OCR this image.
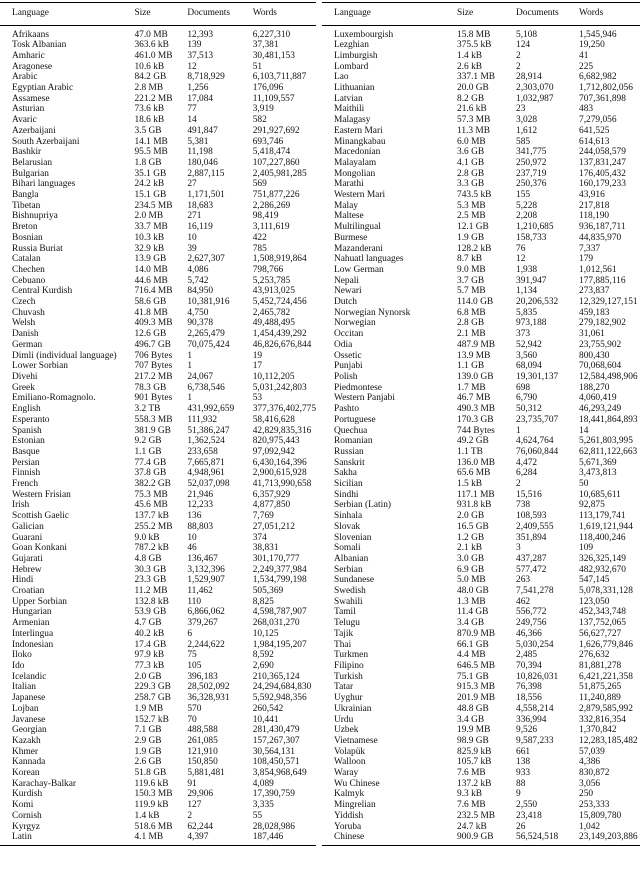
Language	Size	Documents	Words
Afrikaans	47.0 MB	12,393	6,227,310
Tosk Albanian	363.6 kB	139	37,381
Amharic	461.0 MB	37,513	30,481,153
Aragonese	10.6 kB	12	51
Arabic	84.2 GB	8,718,929	6,103,711,887
Egyptian Arabic	2.8 MB	1,256	176,096
Assamese	221.2 MB	17,084	11,109,557
Asturian	73.6 kB	77	3,919
Avaric	18.6 kB	14	582
Azerbaijani	3.5 GB	491,847	291,927,692
South Azerbaijani	14.1 MB	5,381	693,746
Bashkir	95.5 MB	11,198	5,418,474
Belarusian	1.8 GB	180,046	107,227,860
Bulgarian	35.1 GB	2,887,115	2,405,981,285
Bihari languages	24.2 kB	27	569
Bangla	15.1 GB	1,171,501	751,877,226
Tibetan	234.5 MB	18,683	2,286,269
Bishnupriya	2.0 MB	271	98,419
Breton	33.7 MB	16,119	3,111,619
Bosnian	10.3 kB	10	422
Russia Buriat	32.9 kB	39	785
Catalan	13.9 GB	2,627,307	1,508,919,864
Chechen	14.0 MB	4,086	798,766
Cebuano	44.6 MB	5,742	5,253,785
Central Kurdish	716.4 MB	84,950	43,913,025
Czech	58.6 GB	10,381,916	5,452,724,456
Chuvash	41.8 MB	4,750	2,465,782
Welsh	409.3 MB	90,378	49,488,495
Danish	12.6 GB	2,265,479	1,454,439,292
German	496.7 GB	70,075,424	46,826,676,844
Dimli (individual language)	706 Bytes	1	19
Lower Sorbian	707 Bytes	1	17
Divehi	217.2 MB	24,067	10,112,205
Greek	78.3 GB	6,738,546	5,031,242,803
Emiliano-Romagnolo.	901 Bytes	1	53
English	3.2 TB	431,992,659	377,376,402,775
Esperanto	558.3 MB	111,932	58,416,628
Spanish	381.9 GB	51,386,247	42,829,835,316
Estonian	9.2 GB	1,362,524	820,975,443
Basque	1.1 GB	233,658	97,092,942
Persian	77.4 GB	7,665,871	6,430,164,396
Finnish	37.8 GB	4,948,961	2,900,615,928
French	382.2 GB	52,037,098	41,713,990,658
Western Frisian	75.3 MB	21,946	6,357,929
Irish	45.6 MB	12,233	4,877,850
Scottish Gaelic	137.7 kB	136	7,769
Galician	255.2 MB	88,803	27,051,212
Guarani	9.0 kB	10	374
Goan Konkani	787.2 kB	46	38,831
Gujarati	4.8 GB	136,467	301,170,777
Hebrew	30.3 GB	3,132,396	2,249,377,984
Hindi	23.3 GB	1,529,907	1,534,799,198
Croatian	11.2 MB	11,462	505,369
Upper Sorbian	132.8 kB	110	8,825
Hungarian	53.9 GB	6,866,062	4,598,787,907
Armenian	4.7 GB	379,267	268,031,270
Interlingua	40.2 kB	6	10,125
Indonesian	17.4 GB	2,244,622	1,984,195,207
Iloko	97.9 kB	75	8,592
Ido	77.3 kB	105	2,690
Icelandic	2.0 GB	396,183	210,365,124
Italian	229.3 GB	28,502,092	24,294,684,830
Japanese	258.7 GB	36,328,931	5,592,948,356
Lojban	1.9 MB	570	260,542
Javanese	152.7 kB	70	10,441
Georgian	7.1 GB	488,588	281,430,479
Kazakh	2.9 GB	261,085	157,267,307
Khmer	1.9 GB	121,910	30,564,131
Kannada	2.6 GB	150,850	108,450,571
Korean	51.8 GB	5,881,481	3,854,968,649
Karachay-Balkar	119.6 kB	91	4,089
Kurdish	150.3 MB	29,906	17,390,759
Komi	119.9 kB	127	3,335
Cornish	1.4 kB	2	55
Kyrgyz	518.6 MB	62,244	28,028,986
Latin	4.1 MB	4,397	187,446
Language	Size	Documents	Words
Luxembourgish	15.8 MB	5,108	1,545,946
Lezghian	375.5 kB	124	19,250
Limburgish	1.4 kB	2	41
Lombard	2.6 kB	2	225
Lao	337.1 MB	28,914	6,682,982
Lithuanian	20.0 GB	2,303,070	1,712,802,056
Latvian	8.2 GB	1,032,987	707,361,898
Maithili	21.6 kB	23	483
Malagasy	57.3 MB	3,028	7,279,056
Eastern Mari	11.3 MB	1,612	641,525
Minangkabau	6.0 MB	585	614,613
Macedonian	3.6 GB	341,775	244,058,579
Malayalam	4.1 GB	250,972	137,831,247
Mongolian	2.8 GB	237,719	176,405,432
Marathi	3.3 GB	250,376	160,179,233
Western Mari	743.5 kB	155	43,916
Malay	5.3 MB	5,228	217,818
Maltese	2.5 MB	2,208	118,190
Multilingual	12.1 GB	1,210,685	936,187,711
Burmese	1.9 GB	158,733	44,835,970
Mazanderani	128.2 kB	76	7,337
Nahuatl languages	8.7 kB	12	179
Low German	9.0 MB	1,938	1,012,561
Nepali	3.7 GB	391,947	177,885,116
Newari	5.7 MB	1,134	273,837
Dutch	114.0 GB	20,206,532	12,329,127,151
Norwegian Nynorsk	6.8 MB	5,835	459,183
Norwegian	2.8 GB	973,188	279,182,902
Occitan	2.1 MB	373	31,061
Odia	487.9 MB	52,942	23,755,902
Ossetic	13.9 MB	3,560	800,430
Punjabi	1.1 GB	68,094	70,068,604
Polish	139.0 GB	19,301,137	12,584,498,906
Piedmontese	1.7 MB	698	188,270
Western Panjabi	46.7 MB	6,790	4,060,419
Pashto	490.3 MB	50,312	46,293,249
Portuguese	170.3 GB	23,735,707	18,441,864,893
Quechua	744 Bytes	1	14
Romanian	49.2 GB	4,624,764	5,261,803,995
Russian	1.1 TB	76,060,844	62,811,122,663
Sanskrit	136.0 MB	4,472	5,671,369
Sakha	65.6 MB	6,284	3,473,813
Sicilian	1.5 kB	2	50
Sindhi	117.1 MB	15,516	10,685,611
Serbian (Latin)	931.8 kB	738	92,875
Sinhala	2.0 GB	108,593	113,179,741
Slovak	16.5 GB	2,409,555	1,619,121,944
Slovenian	1.2 GB	351,894	118,400,246
Somali	2.1 kB	3	109
Albanian	3.0 GB	437,287	326,325,149
Serbian	6.9 GB	577,472	482,932,670
Sundanese	5.0 MB	263	547,145
Swedish	48.0 GB	7,541,278	5,078,331,128
Swahili	1.3 MB	462	123,050
Tamil	11.4 GB	556,772	452,343,748
Telugu	3.4 GB	249,756	137,752,065
Tajik	870.9 MB	46,366	56,627,727
Thai	66.1 GB	5,030,254	1,626,779,846
Turkmen	4.4 MB	2,485	276,632
Filipino	646.5 MB	70,394	81,881,278
Turkish	75.1 GB	10,826,031	6,421,221,358
Tatar	915.3 MB	76,398	51,875,265
Uyghur	201.9 MB	18,556	11,240,889
Ukrainian	48.8 GB	4,558,214	2,879,585,992
Urdu	3.4 GB	336,994	332,816,354
Uzbek	19.9 MB	9,526	1,370,842
Vietnamese	98.9 GB	9,587,233	12,283,185,482
Volapük	825.9 kB	661	57,039
Walloon	105.7 kB	138	4,386
Waray	7.6 MB	933	830,872
Wu Chinese	137.2 kB	88	3,056
Kalmyk	9.3 kB	9	250
Mingrelian	7.6 MB	2,550	253,333
Yiddish	232.5 MB	23,418	15,809,780
Yoruba	24.7 kB	26	1,042
Chinese	900.9 GB	56,524,518	23,149,203,886
